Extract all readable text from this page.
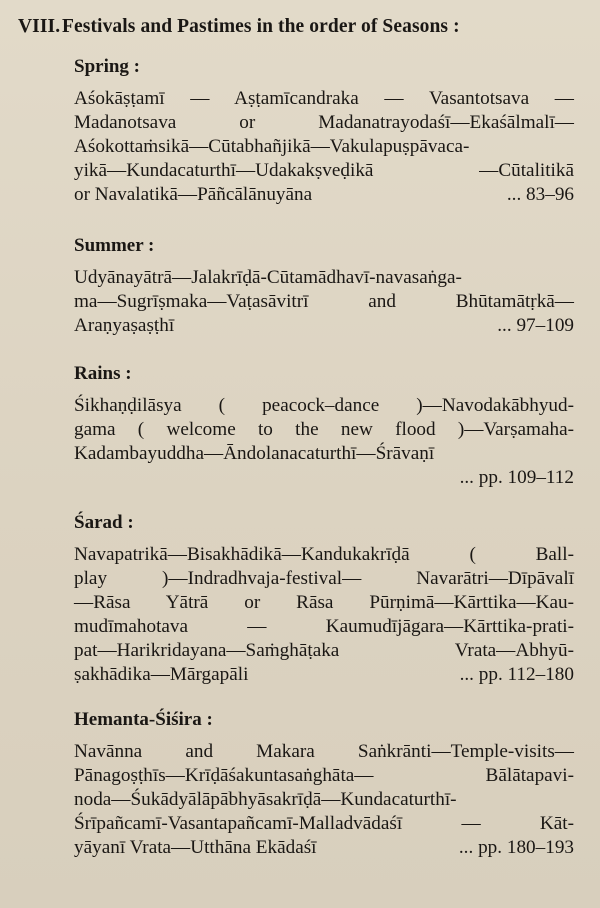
VIII.Festivals and Pastimes in the order of Seasons :
Spring :
Aśokāṣṭamī — Aṣṭamīcandraka — Vasantotsava —
Madanotsava or Madanatrayodaśī—Ekaśālmalī—
Aśokottaṁsikā—Cūtabhañjikā—Vakulapuṣpāvaca-
yikā—Kundacaturthī—Udakakṣveḍikā —Cūtalitikā
or Navalatikā—Pāñcālānuyāna	... 83–96
Summer :
Udyānayātrā—Jalakrīḍā-Cūtamādhavī-navasaṅga-
ma—Sugrīṣmaka—Vaṭasāvitrī and Bhūtamātṛkā—
Araṇyaṣaṣṭhī	... 97–109
Rains :
Śikhaṇḍilāsya ( peacock–dance )—Navodakābhyud-
gama ( welcome to the new flood )—Varṣamaha-
Kadambayuddha—Āndolanacaturthī—Śrāvaṇī
... pp. 109–112
Śarad :
Navapatrikā—Bisakhādikā—Kandukakrīḍā ( Ball-
play )—Indradhvaja-festival— Navarātri—Dīpāvalī
—Rāsa Yātrā or Rāsa Pūrṇimā—Kārttika—Kau-
mudīmahotava — Kaumudījāgara—Kārttika-prati-
pat—Harikridayana—Saṁghāṭaka Vrata—Abhyū-
ṣakhādika—Mārgapāli	... pp. 112–180
Hemanta-Śiśira :
Navānna and Makara Saṅkrānti—Temple-visits—
Pānagoṣṭhīs—Krīḍāśakuntasaṅghāta— Bālātapavi-
noda—Śukādyālāpābhyāsakrīḍā—Kundacaturthī-
Śrīpañcamī-Vasantapañcamī-Malladvādaśī — Kāt-
yāyanī Vrata—Utthāna Ekādaśī	... pp. 180–193
